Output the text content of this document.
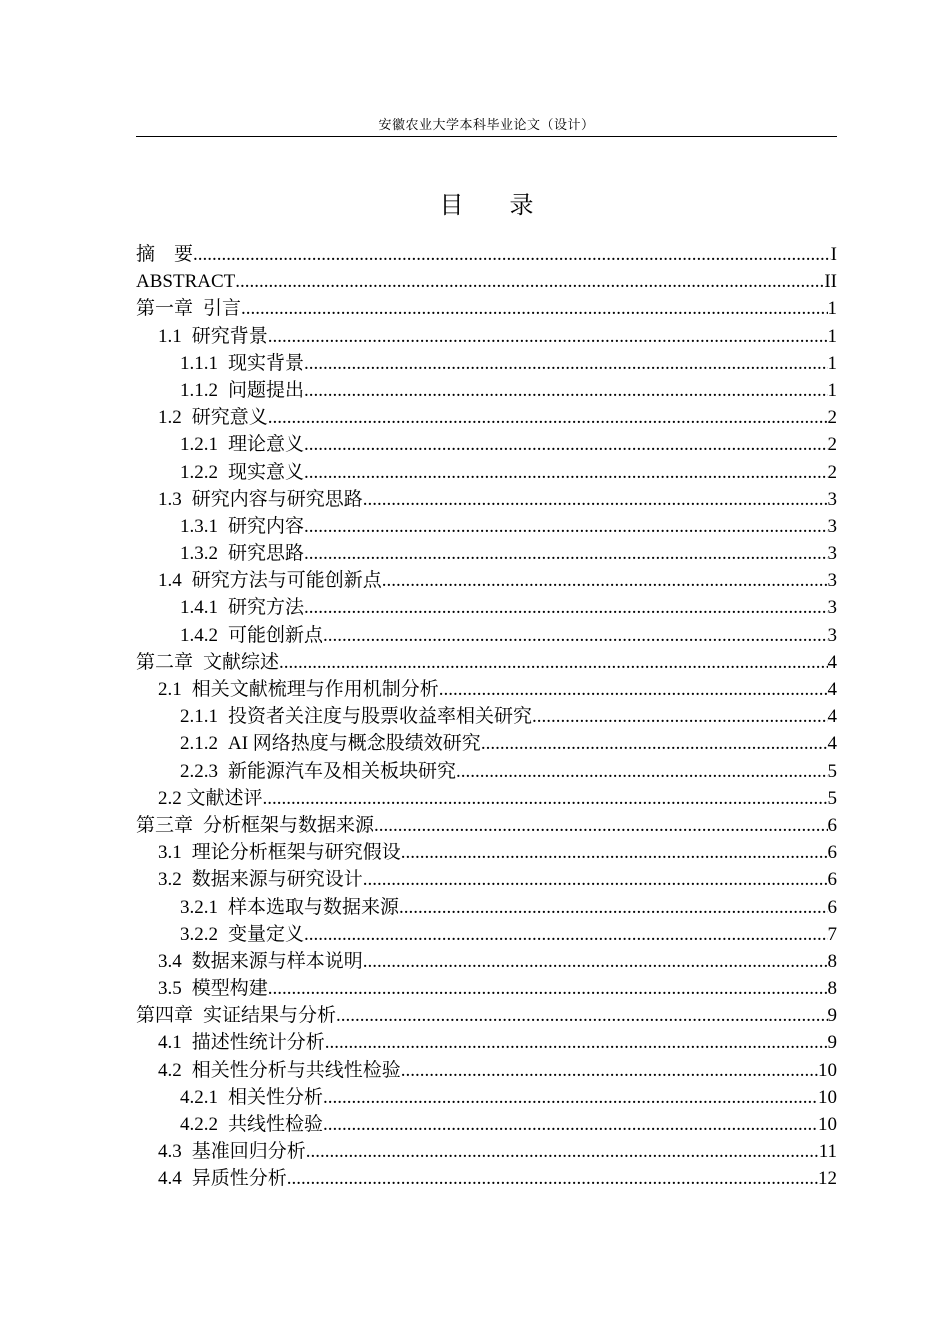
安徽农业大学本科毕业论文（设计）
目 录
摘　要 .....	I
ABSTRACT .....	II
第一章 引言 .....	1
1.1 研究背景 .....	1
1.1.1 现实背景 .....	1
1.1.2 问题提出 .....	1
1.2 研究意义 .....	2
1.2.1 理论意义 .....	2
1.2.2 现实意义 .....	2
1.3 研究内容与研究思路 .....	3
1.3.1 研究内容 .....	3
1.3.2 研究思路 .....	3
1.4 研究方法与可能创新点 .....	3
1.4.1 研究方法 .....	3
1.4.2 可能创新点 .....	3
第二章 文献综述 .....	4
2.1 相关文献梳理与作用机制分析 .....	4
2.1.1 投资者关注度与股票收益率相关研究 .....	4
2.1.2 AI 网络热度与概念股绩效研究 .....	4
2.2.3 新能源汽车及相关板块研究 .....	5
2.2 文献述评 .....	5
第三章 分析框架与数据来源 .....	6
3.1 理论分析框架与研究假设 .....	6
3.2 数据来源与研究设计 .....	6
3.2.1 样本选取与数据来源 .....	6
3.2.2 变量定义 .....	7
3.4 数据来源与样本说明 .....	8
3.5 模型构建 .....	8
第四章 实证结果与分析 .....	9
4.1 描述性统计分析 .....	9
4.2 相关性分析与共线性检验 .....	10
4.2.1 相关性分析 .....	10
4.2.2 共线性检验 .....	10
4.3 基准回归分析 .....	11
4.4 异质性分析 .....	12
